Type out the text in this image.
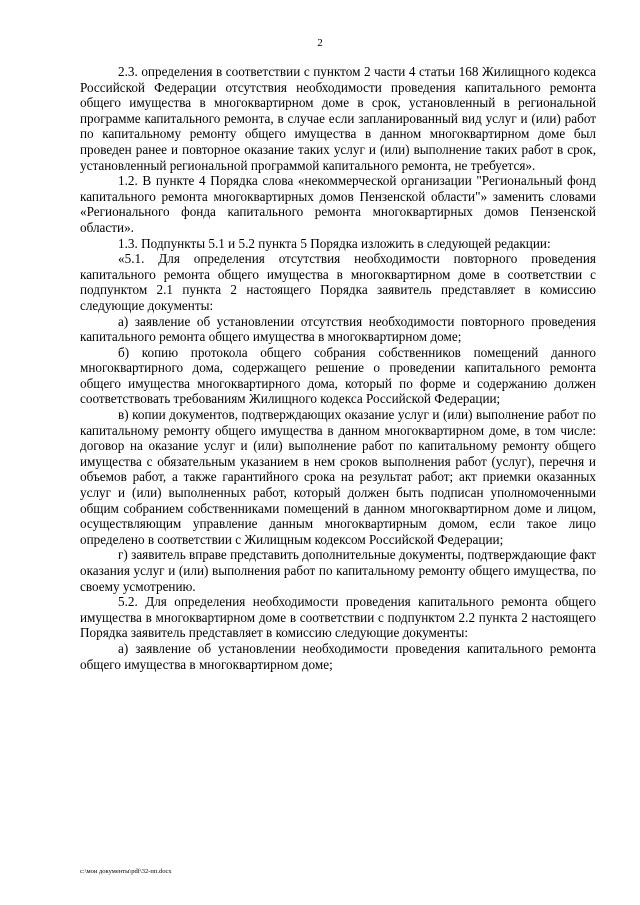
2

2.3. определения в соответствии с пунктом 2 части 4 статьи 168 Жилищного кодекса Российской Федерации отсутствия необходимости проведения капитального ремонта общего имущества в многоквартирном доме в срок, установленный в региональной программе капитального ремонта, в случае если запланированный вид услуг и (или) работ по капитальному ремонту общего имущества в данном многоквартирном доме был проведен ранее и повторное оказание таких услуг и (или) выполнение таких работ в срок, установленный региональной программой капитального ремонта, не требуется».

1.2. В пункте 4 Порядка слова «некоммерческой организации "Региональный фонд капитального ремонта многоквартирных домов Пензенской области"» заменить словами «Регионального фонда капитального ремонта многоквартирных домов Пензенской области».

1.3. Подпункты 5.1 и 5.2 пункта 5 Порядка изложить в следующей редакции:

«5.1. Для определения отсутствия необходимости повторного проведения капитального ремонта общего имущества в многоквартирном доме в соответствии с подпунктом 2.1 пункта 2 настоящего Порядка заявитель представляет в комиссию следующие документы:

а) заявление об установлении отсутствия необходимости повторного проведения капитального ремонта общего имущества в многоквартирном доме;

б) копию протокола общего собрания собственников помещений данного многоквартирного дома, содержащего решение о проведении капитального ремонта общего имущества многоквартирного дома, который по форме и содержанию должен соответствовать требованиям Жилищного кодекса Российской Федерации;

в) копии документов, подтверждающих оказание услуг и (или) выполнение работ по капитальному ремонту общего имущества в данном многоквартирном доме, в том числе: договор на оказание услуг и (или) выполнение работ по капитальному ремонту общего имущества с обязательным указанием в нем сроков выполнения работ (услуг), перечня и объемов работ, а также гарантийного срока на результат работ; акт приемки оказанных услуг и (или) выполненных работ, который должен быть подписан уполномоченными общим собранием собственниками помещений в данном многоквартирном доме и лицом, осуществляющим управление данным многоквартирным домом, если такое лицо определено в соответствии с Жилищным кодексом Российской Федерации;

г) заявитель вправе представить дополнительные документы, подтверждающие факт оказания услуг и (или) выполнения работ по капитальному ремонту общего имущества, по своему усмотрению.

5.2. Для определения необходимости проведения капитального ремонта общего имущества в многоквартирном доме в соответствии с подпунктом 2.2 пункта 2 настоящего Порядка заявитель представляет в комиссию следующие документы:

а) заявление об установлении необходимости проведения капитального ремонта общего имущества в многоквартирном доме;

c:\мои документы\pdf\32-пп.docx
